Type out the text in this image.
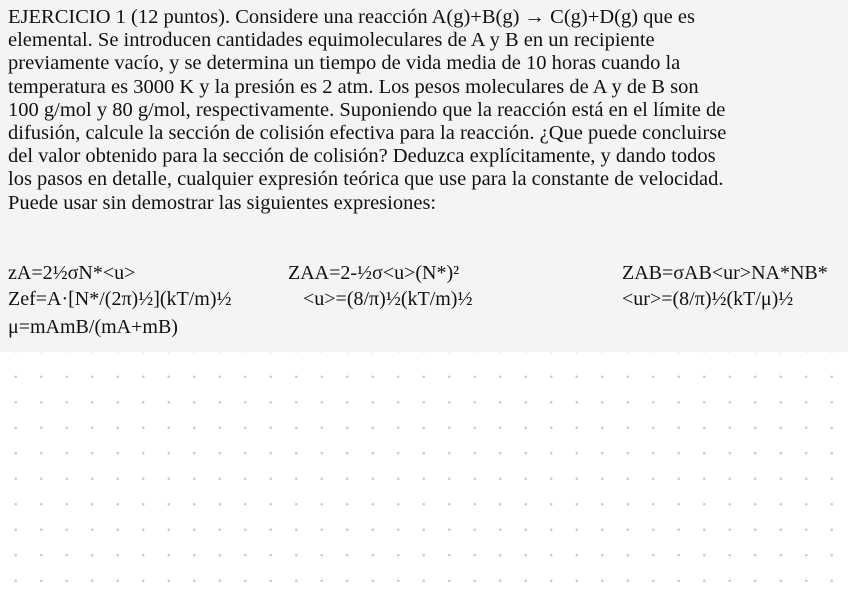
EJERCICIO 1 (12 puntos). Considere una reacción A(g)+B(g) → C(g)+D(g) que es
elemental. Se introducen cantidades equimoleculares de A y B en un recipiente
previamente vacío, y se determina un tiempo de vida media de 10 horas cuando la
temperatura es 3000 K y la presión es 2 atm. Los pesos moleculares de A y de B son
100 g/mol y 80 g/mol, respectivamente. Suponiendo que la reacción está en el límite de
difusión, calcule la sección de colisión efectiva para la reacción. ¿Que puede concluirse
del valor obtenido para la sección de colisión? Deduzca explícitamente, y dando todos
los pasos en detalle, cualquier expresión teórica que use para la constante de velocidad.
Puede usar sin demostrar las siguientes expresiones:

zA=2½σN*<u>	ZAA=2-½σ<u>(N*)²	ZAB=σAB<ur>NA*NB*
Zef=A·[N*/(2π)½](kT/m)½	<u>=(8/π)½(kT/m)½	<ur>=(8/π)½(kT/μ)½
μ=mAmB/(mA+mB)
